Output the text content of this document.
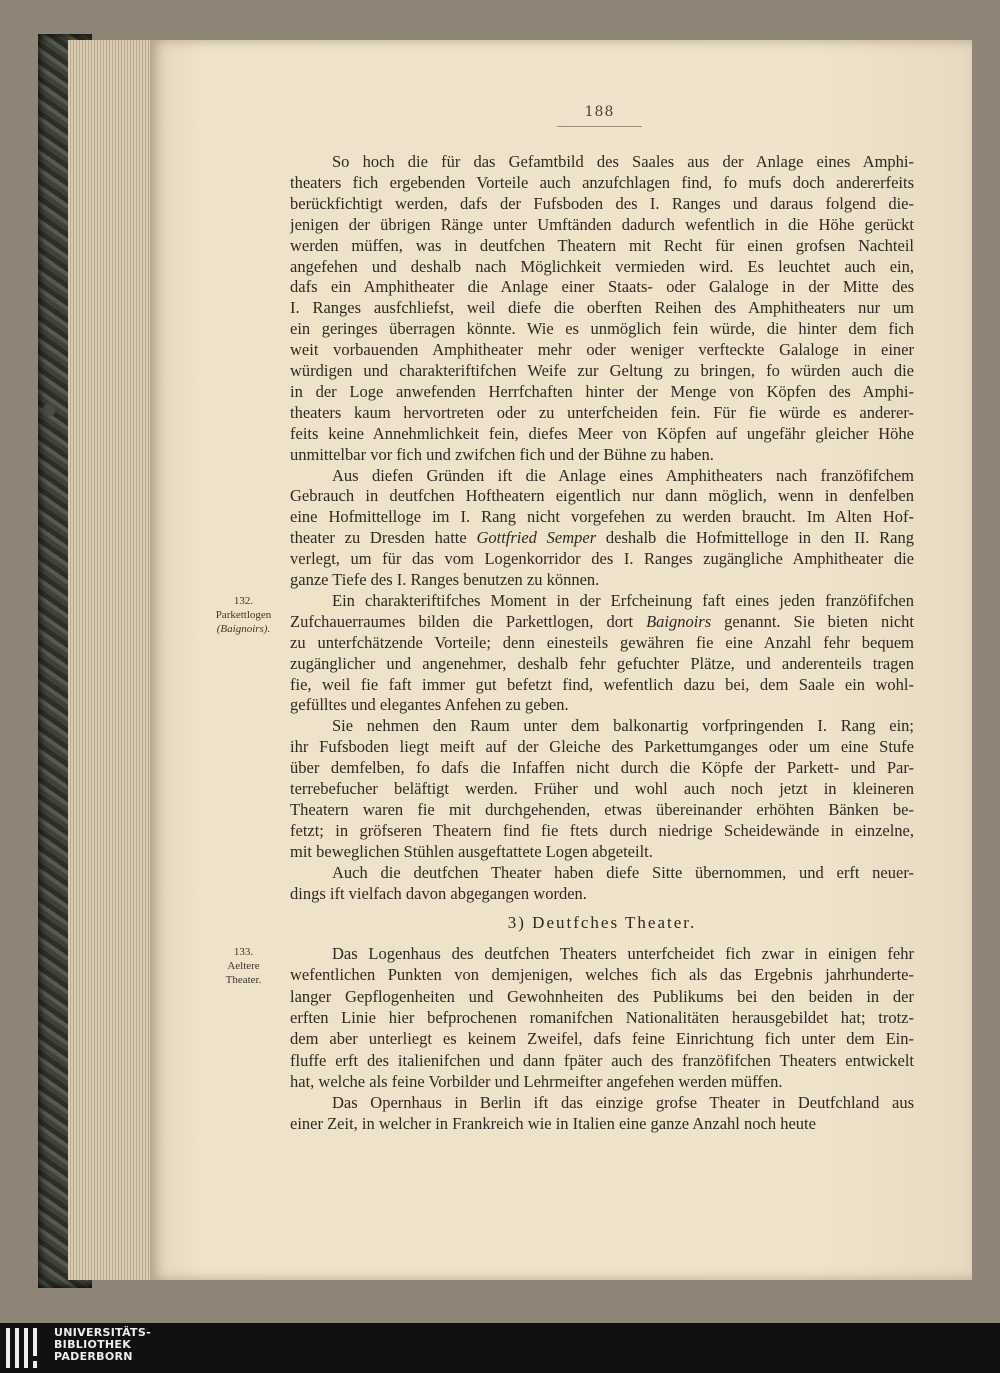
188
So hoch die für das Gefamtbild des Saales aus der Anlage eines Amphi-
theaters fich ergebenden Vorteile auch anzufchlagen find, fo mufs doch andererfeits
berückfichtigt werden, dafs der Fufsboden des I. Ranges und daraus folgend die-
jenigen der übrigen Ränge unter Umftänden dadurch wefentlich in die Höhe gerückt
werden müffen, was in deutfchen Theatern mit Recht für einen grofsen Nachteil
angefehen und deshalb nach Möglichkeit vermieden wird. Es leuchtet auch ein,
dafs ein Amphitheater die Anlage einer Staats- oder Galaloge in der Mitte des
I. Ranges ausfchliefst, weil diefe die oberften Reihen des Amphitheaters nur um
ein geringes überragen könnte. Wie es unmöglich fein würde, die hinter dem fich
weit vorbauenden Amphitheater mehr oder weniger verfteckte Galaloge in einer
würdigen und charakteriftifchen Weife zur Geltung zu bringen, fo würden auch die
in der Loge anwefenden Herrfchaften hinter der Menge von Köpfen des Amphi-
theaters kaum hervortreten oder zu unterfcheiden fein. Für fie würde es anderer-
feits keine Annehmlichkeit fein, diefes Meer von Köpfen auf ungefähr gleicher Höhe
unmittelbar vor fich und zwifchen fich und der Bühne zu haben.
Aus diefen Gründen ift die Anlage eines Amphitheaters nach franzöfifchem
Gebrauch in deutfchen Hoftheatern eigentlich nur dann möglich, wenn in denfelben
eine Hofmittelloge im I. Rang nicht vorgefehen zu werden braucht. Im Alten Hof-
theater zu Dresden hatte Gottfried Semper deshalb die Hofmittelloge in den II. Rang
verlegt, um für das vom Logenkorridor des I. Ranges zugängliche Amphitheater die
ganze Tiefe des I. Ranges benutzen zu können.
Ein charakteriftifches Moment in der Erfcheinung faft eines jeden franzöfifchen
Zufchauerraumes bilden die Parkettlogen, dort Baignoirs genannt. Sie bieten nicht
zu unterfchätzende Vorteile; denn einesteils gewähren fie eine Anzahl fehr bequem
zugänglicher und angenehmer, deshalb fehr gefuchter Plätze, und anderenteils tragen
fie, weil fie faft immer gut befetzt find, wefentlich dazu bei, dem Saale ein wohl-
gefülltes und elegantes Anfehen zu geben.
Sie nehmen den Raum unter dem balkonartig vorfpringenden I. Rang ein;
ihr Fufsboden liegt meift auf der Gleiche des Parkettumganges oder um eine Stufe
über demfelben, fo dafs die Infaffen nicht durch die Köpfe der Parkett- und Par-
terrebefucher beläftigt werden. Früher und wohl auch noch jetzt in kleineren
Theatern waren fie mit durchgehenden, etwas übereinander erhöhten Bänken be-
fetzt; in gröfseren Theatern find fie ftets durch niedrige Scheidewände in einzelne,
mit beweglichen Stühlen ausgeftattete Logen abgeteilt.
Auch die deutfchen Theater haben diefe Sitte übernommen, und erft neuer-
dings ift vielfach davon abgegangen worden.
Das Logenhaus des deutfchen Theaters unterfcheidet fich zwar in einigen fehr
wefentlichen Punkten von demjenigen, welches fich als das Ergebnis jahrhunderte-
langer Gepflogenheiten und Gewohnheiten des Publikums bei den beiden in der
erften Linie hier befprochenen romanifchen Nationalitäten herausgebildet hat; trotz-
dem aber unterliegt es keinem Zweifel, dafs feine Einrichtung fich unter dem Ein-
fluffe erft des italienifchen und dann fpäter auch des franzöfifchen Theaters entwickelt
hat, welche als feine Vorbilder und Lehrmeifter angefehen werden müffen.
Das Opernhaus in Berlin ift das einzige grofse Theater in Deutfchland aus
einer Zeit, in welcher in Frankreich wie in Italien eine ganze Anzahl noch heute
3) Deutfches Theater.
132.
Parkettlogen
(Baignoirs).
133.
Aeltere
Theater.
UNIVERSITÄTS-
BIBLIOTHEK
PADERBORN
